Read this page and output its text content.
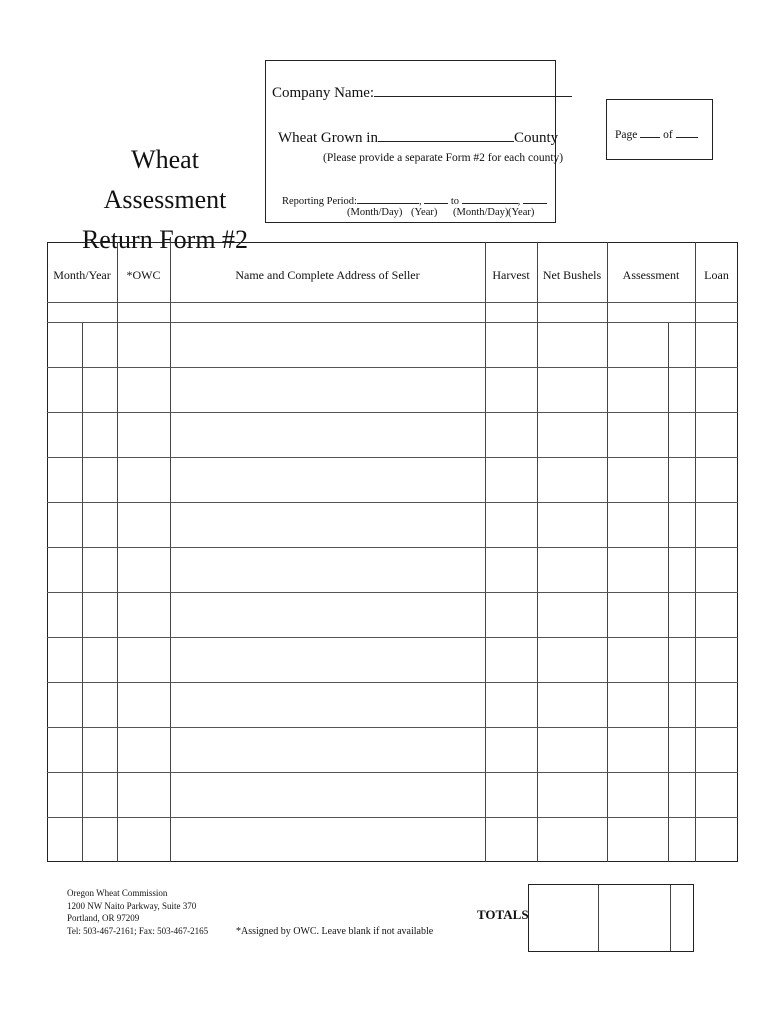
Wheat Assessment
Return Form #2
Company Name:
Wheat Grown in	County
(Please provide a separate Form #2 for each county)
Reporting Period:	,	to	,
(Month/Day) (Year) (Month/Day) (Year)
Page of
Month/Year	*OWC	Name and Complete Address of Seller	Harvest	Net Bushels	Assessment	Loan
Oregon Wheat Commission
1200 NW Naito Parkway, Suite 370
Portland, OR 97209
Tel: 503-467-2161; Fax: 503-467-2165	*Assigned by OWC. Leave blank if not available
TOTALS
